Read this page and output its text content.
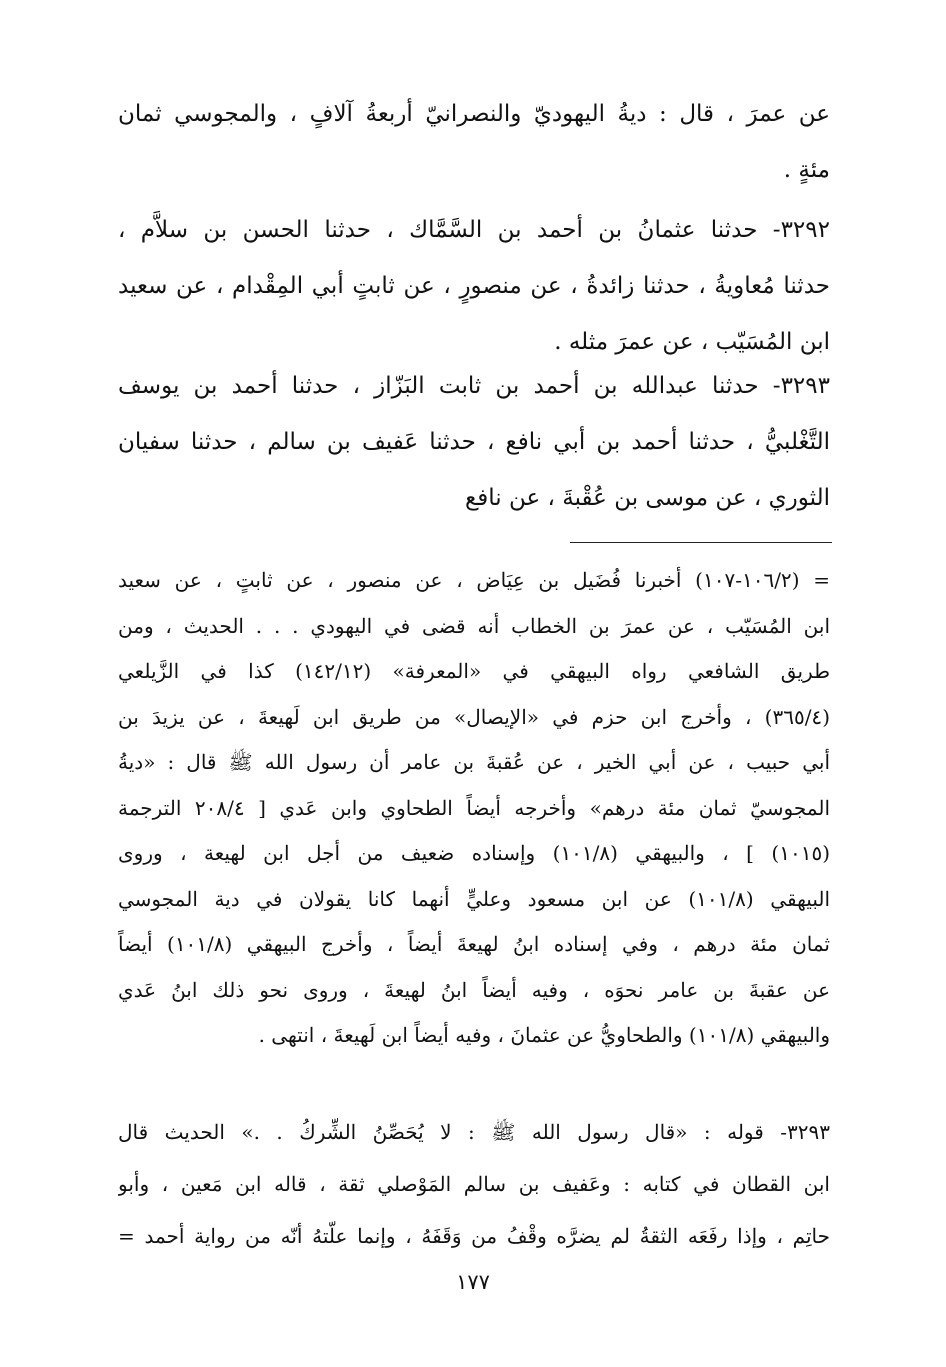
عن عمرَ ، قال : ديةُ اليهوديّ والنصرانيّ أربعةُ آلافٍ ، والمجوسي ثمان
مئةٍ .
٣٢٩٢- حدثنا عثمانُ بن أحمد بن السَّمَّاك ، حدثنا الحسن بن سلاَّم ،
حدثنا مُعاويةُ ، حدثنا زائدةُ ، عن منصورٍ ، عن ثابتٍ أبي المِقْدام ، عن سعيد
ابن المُسَيّب ، عن عمرَ مثله .
٣٢٩٣- حدثنا عبدالله بن أحمد بن ثابت البَزّاز ، حدثنا أحمد بن يوسف
التَّغْلبيُّ ، حدثنا أحمد بن أبي نافع ، حدثنا عَفيف بن سالم ، حدثنا سفيان
الثوري ، عن موسى بن عُقْبةَ ، عن نافع
= (١٠٦/٢-١٠٧) أخبرنا فُضَيل بن عِيَاض ، عن منصور ، عن ثابتٍ ، عن سعيد
ابن المُسَيّب ، عن عمرَ بن الخطاب أنه قضى في اليهودي . . . الحديث ، ومن
طريق الشافعي رواه البيهقي في «المعرفة» (١٤٢/١٢) كذا في الزَّيلعي
(٣٦٥/٤) ، وأخرج ابن حزم في «الإيصال» من طريق ابن لَهيعةَ ، عن يزيدَ بن
أبي حبيب ، عن أبي الخير ، عن عُقبةَ بن عامر أن رسول الله ﷺ قال : «ديةُ
المجوسيّ ثمان مئة درهم» وأخرجه أيضاً الطحاوي وابن عَدي [ ٢٠٨/٤ الترجمة
(١٠١٥) ] ، والبيهقي (١٠١/٨) وإسناده ضعيف من أجل ابن لهيعة ، وروى
البيهقي (١٠١/٨) عن ابن مسعود وعليٍّ أنهما كانا يقولان في دية المجوسي
ثمان مئة درهم ، وفي إسناده ابنُ لهيعةَ أيضاً ، وأخرج البيهقي (١٠١/٨) أيضاً
عن عقبةَ بن عامر نحوَه ، وفيه أيضاً ابنُ لهيعةَ ، وروى نحو ذلك ابنُ عَدي
والبيهقي (١٠١/٨) والطحاويُّ عن عثمانَ ، وفيه أيضاً ابن لَهيعةَ ، انتهى .
٣٢٩٣- قوله : «قال رسول الله ﷺ : لا يُحَصِّنُ الشِّركُ . .» الحديث قال
ابن القطان في كتابه : وعَفيف بن سالم المَوْصلي ثقة ، قاله ابن مَعين ، وأبو
حاتِم ، وإذا رفَعَه الثقةُ لم يضرَّه وقْفُ من وَقَفَهُ ، وإنما علّتهُ أنّه من رواية أحمد =
١٧٧
